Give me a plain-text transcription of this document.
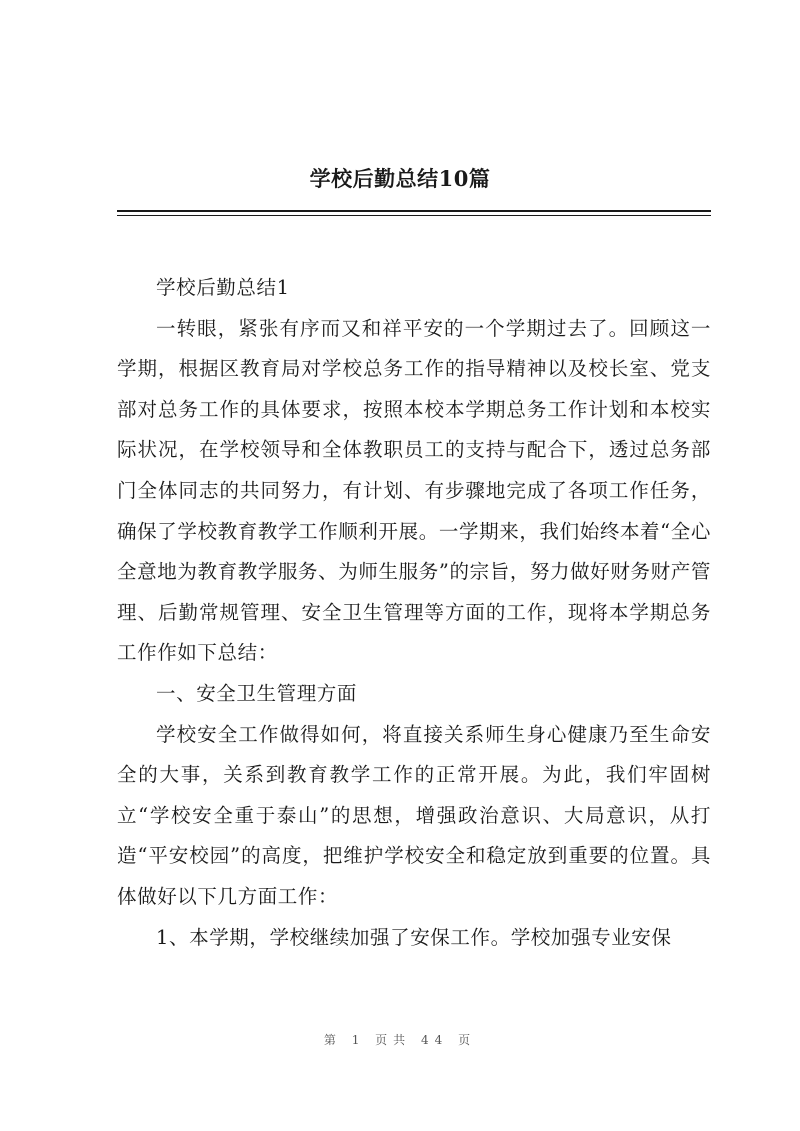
学校后勤总结10篇

学校后勤总结1

一转眼，紧张有序而又和祥平安的一个学期过去了。回顾这一学期，根据区教育局对学校总务工作的指导精神以及校长室、党支部对总务工作的具体要求，按照本校本学期总务工作计划和本校实际状况，在学校领导和全体教职员工的支持与配合下，透过总务部门全体同志的共同努力，有计划、有步骤地完成了各项工作任务，确保了学校教育教学工作顺利开展。一学期来，我们始终本着“全心全意地为教育教学服务、为师生服务”的宗旨，努力做好财务财产管理、后勤常规管理、安全卫生管理等方面的工作，现将本学期总务工作作如下总结：

一、安全卫生管理方面

学校安全工作做得如何，将直接关系师生身心健康乃至生命安全的大事，关系到教育教学工作的正常开展。为此，我们牢固树立“学校安全重于泰山”的思想，增强政治意识、大局意识，从打造“平安校园”的高度，把维护学校安全和稳定放到重要的位置。具体做好以下几方面工作：

1、本学期，学校继续加强了安保工作。学校加强专业安保

第 1 页共 44 页
